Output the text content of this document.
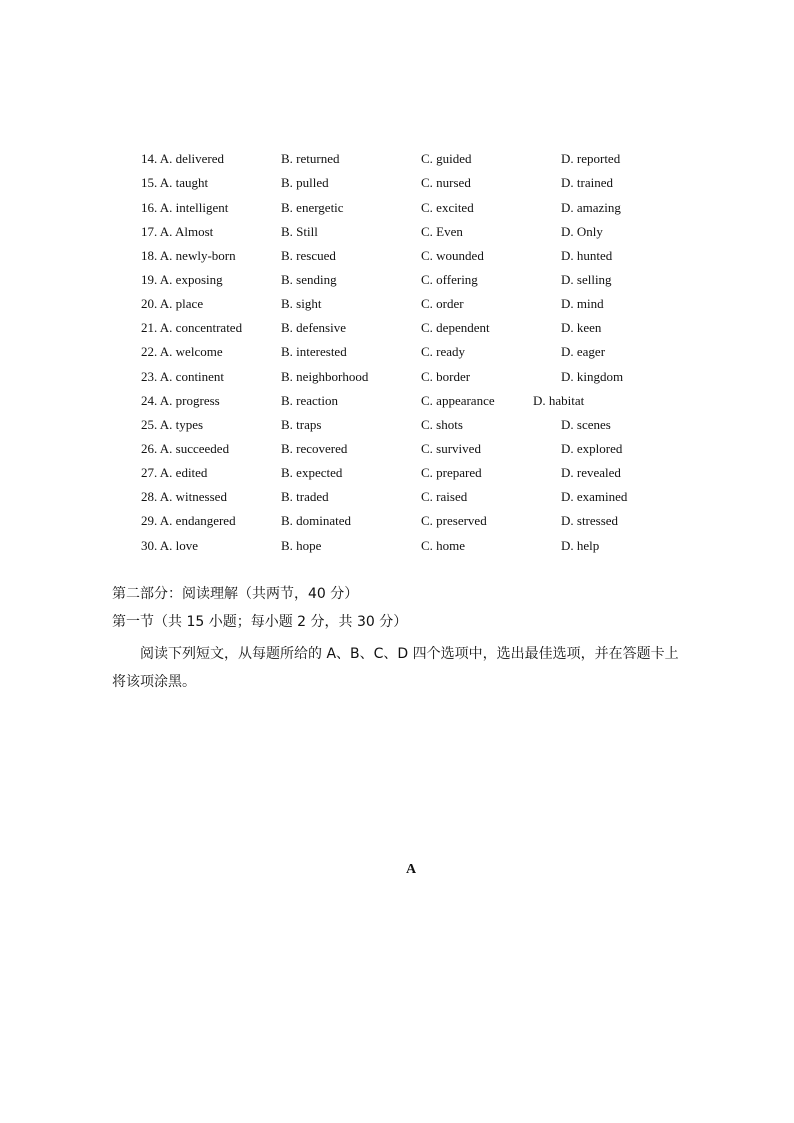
14. A. delivered	B. returned	C. guided	D. reported
15. A. taught	B. pulled	C. nursed	D. trained
16. A. intelligent	B. energetic	C. excited	D. amazing
17. A. Almost	B. Still	C. Even	D. Only
18. A. newly-born	B. rescued	C. wounded	D. hunted
19. A. exposing	B. sending	C. offering	D. selling
20. A. place	B. sight	C. order	D. mind
21. A. concentrated	B. defensive	C. dependent	D. keen
22. A. welcome	B. interested	C. ready	D. eager
23. A. continent	B. neighborhood	C. border	D. kingdom
24. A. progress	B. reaction	C. appearance	D. habitat
25. A. types	B. traps	C. shots	D. scenes
26. A. succeeded	B. recovered	C. survived	D. explored
27. A. edited	B. expected	C. prepared	D. revealed
28. A. witnessed	B. traded	C. raised	D. examined
29. A. endangered	B. dominated	C. preserved	D. stressed
30. A. love	B. hope	C. home	D. help
第二部分：阅读理解（共两节，40 分）
第一节（共 15 小题；每小题 2 分，共 30 分）
阅读下列短文，从每题所给的 A、B、C、D 四个选项中，选出最佳选项，并在答题卡上将该项涂黑。
A
